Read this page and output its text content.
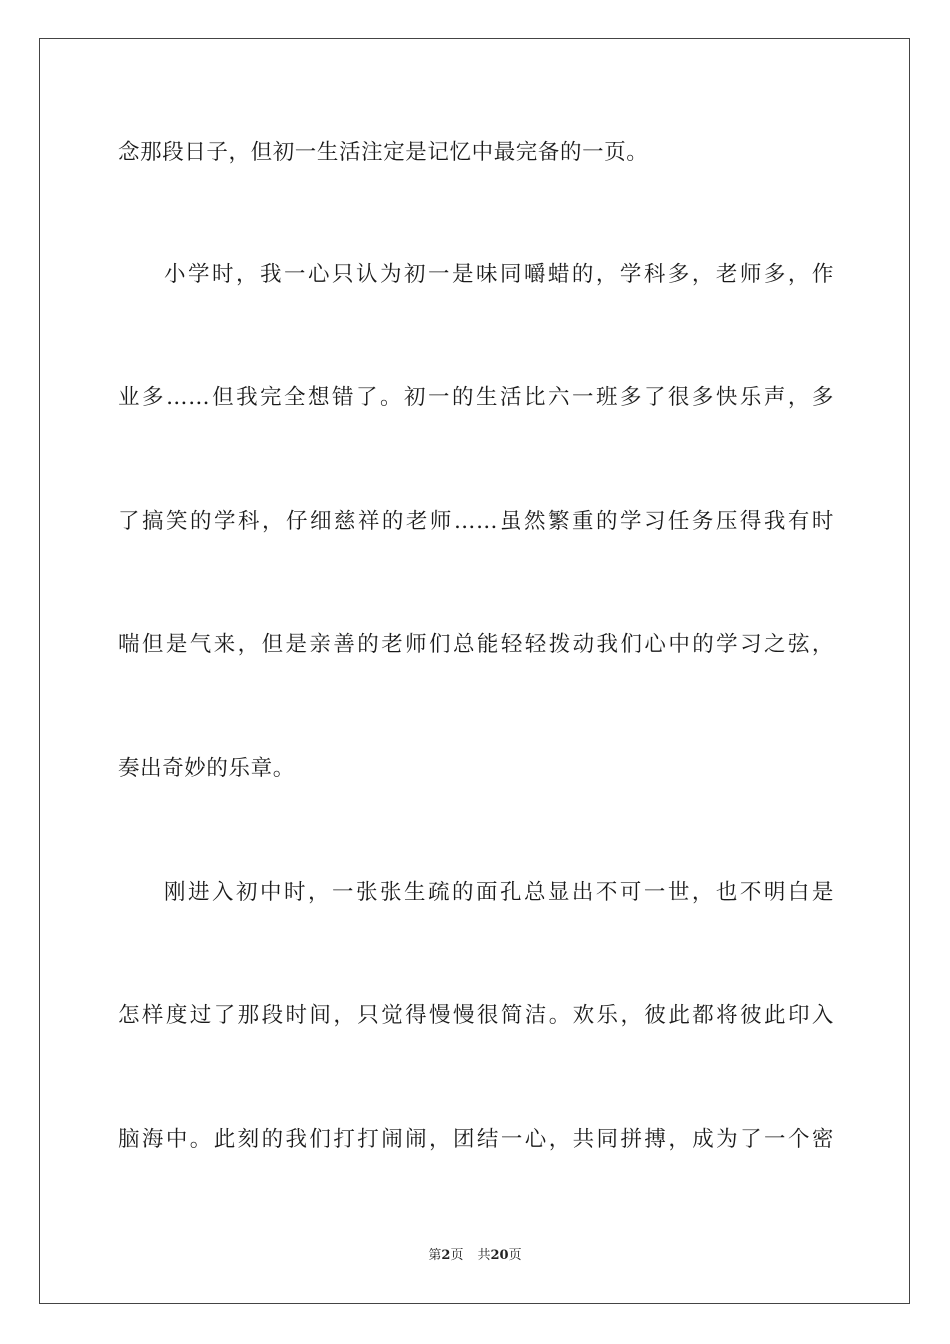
念那段日子，但初一生活注定是记忆中最完备的一页。
小学时，我一心只认为初一是味同嚼蜡的，学科多，老师多，作
业多……但我完全想错了。初一的生活比六一班多了很多快乐声，多
了搞笑的学科，仔细慈祥的老师……虽然繁重的学习任务压得我有时
喘但是气来，但是亲善的老师们总能轻轻拨动我们心中的学习之弦，
奏出奇妙的乐章。
刚进入初中时，一张张生疏的面孔总显出不可一世，也不明白是
怎样度过了那段时间，只觉得慢慢很简洁。欢乐，彼此都将彼此印入
脑海中。此刻的我们打打闹闹，团结一心，共同拼搏，成为了一个密
第2页 共20页
